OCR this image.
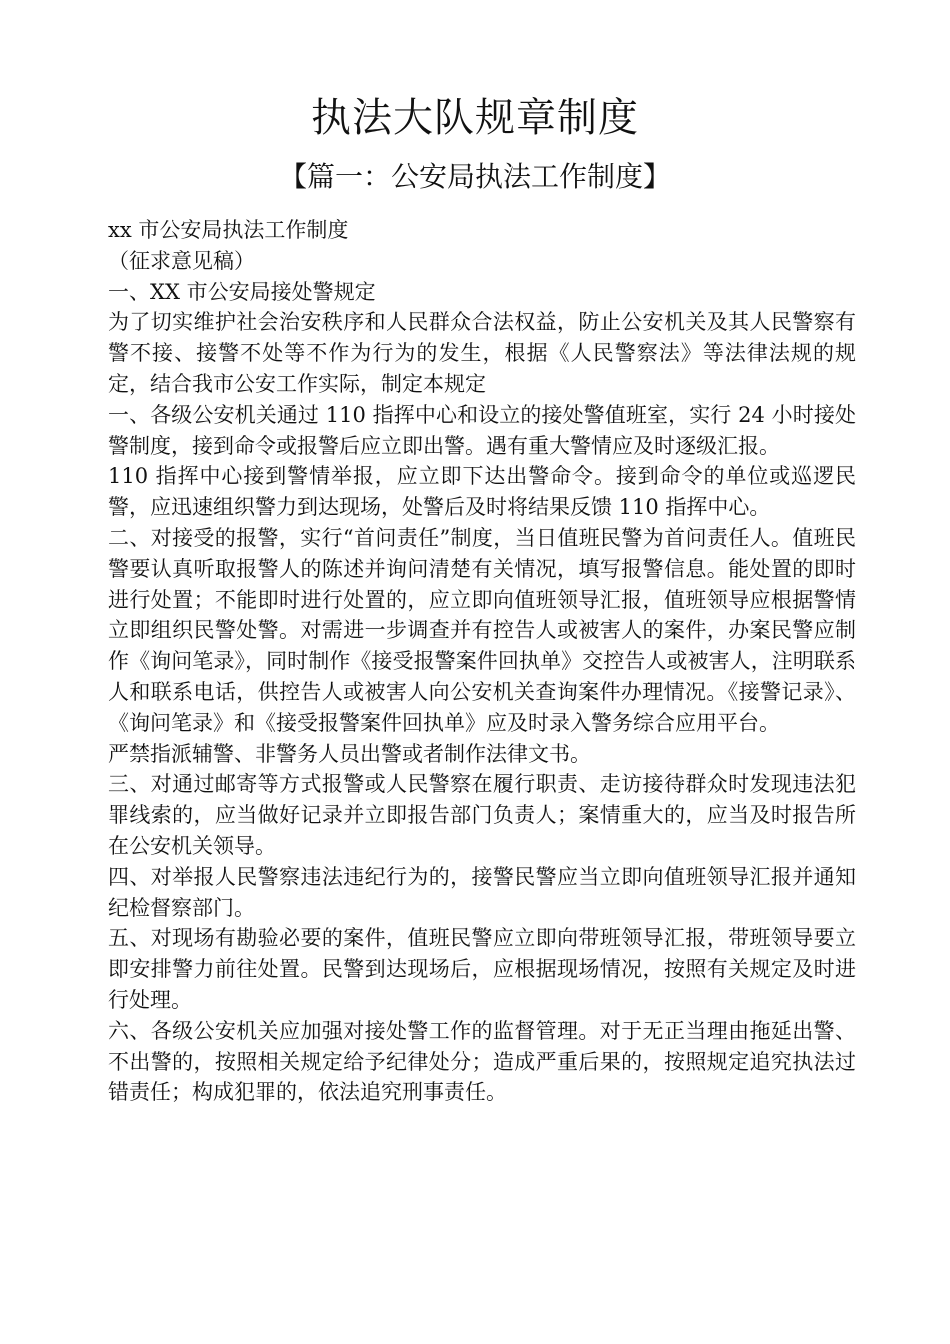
执法大队规章制度
【篇一：公安局执法工作制度】

xx 市公安局执法工作制度

（征求意见稿）

一、XX 市公安局接处警规定

为了切实维护社会治安秩序和人民群众合法权益，防止公安机关及其人民警察有警不接、接警不处等不作为行为的发生，根据《人民警察法》等法律法规的规定，结合我市公安工作实际，制定本规定

一、各级公安机关通过 110 指挥中心和设立的接处警值班室，实行 24 小时接处警制度，接到命令或报警后应立即出警。遇有重大警情应及时逐级汇报。

110 指挥中心接到警情举报，应立即下达出警命令。接到命令的单位或巡逻民警，应迅速组织警力到达现场，处警后及时将结果反馈 110 指挥中心。

二、对接受的报警，实行“首问责任”制度，当日值班民警为首问责任人。值班民警要认真听取报警人的陈述并询问清楚有关情况，填写报警信息。能处置的即时进行处置；不能即时进行处置的，应立即向值班领导汇报，值班领导应根据警情立即组织民警处警。对需进一步调查并有控告人或被害人的案件，办案民警应制作《询问笔录》，同时制作《接受报警案件回执单》交控告人或被害人，注明联系人和联系电话，供控告人或被害人向公安机关查询案件办理情况。《接警记录》、《询问笔录》和《接受报警案件回执单》应及时录入警务综合应用平台。

严禁指派辅警、非警务人员出警或者制作法律文书。

三、对通过邮寄等方式报警或人民警察在履行职责、走访接待群众时发现违法犯罪线索的，应当做好记录并立即报告部门负责人；案情重大的，应当及时报告所在公安机关领导。

四、对举报人民警察违法违纪行为的，接警民警应当立即向值班领导汇报并通知纪检督察部门。

五、对现场有勘验必要的案件，值班民警应立即向带班领导汇报，带班领导要立即安排警力前往处置。民警到达现场后，应根据现场情况，按照有关规定及时进行处理。

六、各级公安机关应加强对接处警工作的监督管理。对于无正当理由拖延出警、不出警的，按照相关规定给予纪律处分；造成严重后果的，按照规定追究执法过错责任；构成犯罪的，依法追究刑事责任。
